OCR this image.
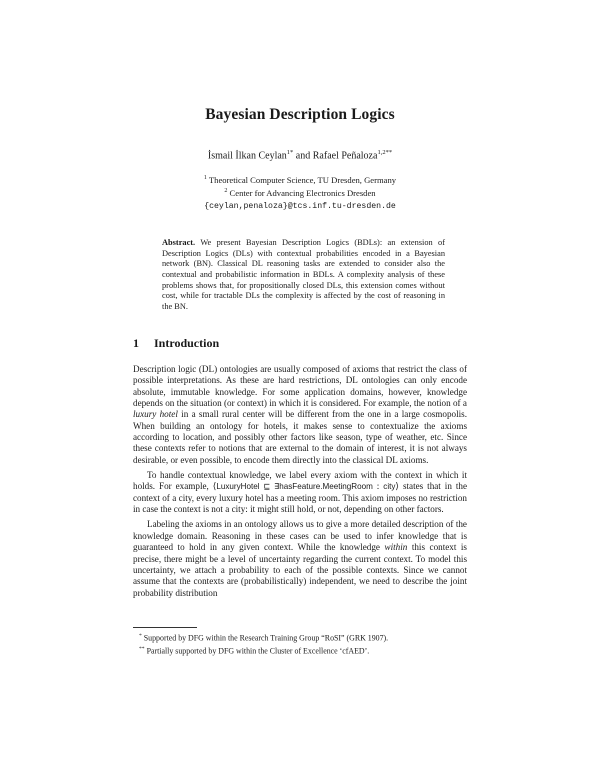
Bayesian Description Logics
İsmail İlkan Ceylan$^{1*}$ and Rafael Peñaloza$^{1,2**}$
$^1$ Theoretical Computer Science, TU Dresden, Germany
$^2$ Center for Advancing Electronics Dresden
{ceylan,penaloza}@tcs.inf.tu-dresden.de
Abstract. We present Bayesian Description Logics (BDLs): an extension of Description Logics (DLs) with contextual probabilities encoded in a Bayesian network (BN). Classical DL reasoning tasks are extended to consider also the contextual and probabilistic information in BDLs. A complexity analysis of these problems shows that, for propositionally closed DLs, this extension comes without cost, while for tractable DLs the complexity is affected by the cost of reasoning in the BN.
1 Introduction

Description logic (DL) ontologies are usually composed of axioms that restrict the class of possible interpretations. As these are hard restrictions, DL ontologies can only encode absolute, immutable knowledge. For some application domains, however, knowledge depends on the situation (or context) in which it is considered. For example, the notion of a luxury hotel in a small rural center will be different from the one in a large cosmopolis. When building an ontology for hotels, it makes sense to contextualize the axioms according to location, and possibly other factors like season, type of weather, etc. Since these contexts refer to notions that are external to the domain of interest, it is not always desirable, or even possible, to encode them directly into the classical DL axioms.

To handle contextual knowledge, we label every axiom with the context in which it holds. For example, ⟨LuxuryHotel ⊑ ∃hasFeature.MeetingRoom : city⟩ states that in the context of a city, every luxury hotel has a meeting room. This axiom imposes no restriction in case the context is not a city: it might still hold, or not, depending on other factors.

Labeling the axioms in an ontology allows us to give a more detailed description of the knowledge domain. Reasoning in these cases can be used to infer knowledge that is guaranteed to hold in any given context. While the knowledge within this context is precise, there might be a level of uncertainty regarding the current context. To model this uncertainty, we attach a probability to each of the possible contexts. Since we cannot assume that the contexts are (probabilistically) independent, we need to describe the joint probability distribution

* Supported by DFG within the Research Training Group “RoSI” (GRK 1907).
** Partially supported by DFG within the Cluster of Excellence ‘cfAED’.
